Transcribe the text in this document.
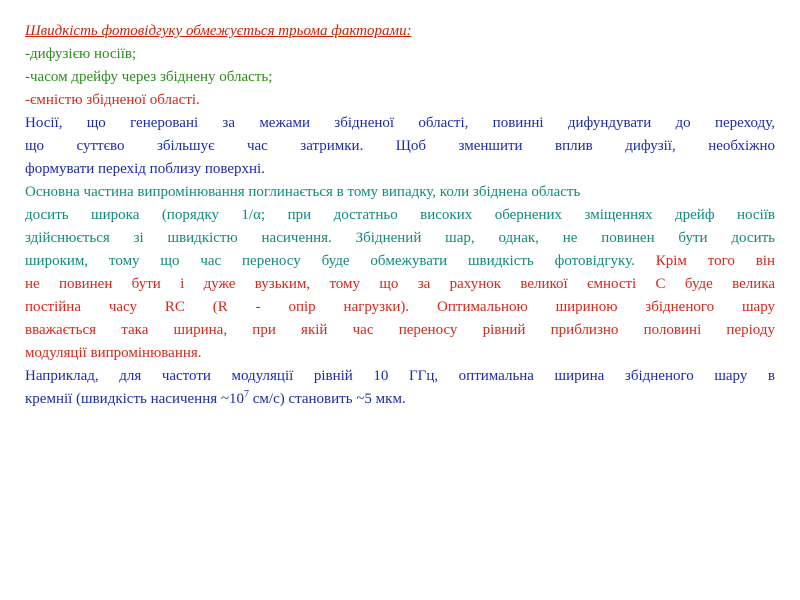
Швидкість фотовідгуку обмежується трьома факторами:

-дифузією носіїв;

-часом дрейфу через збіднену область;

-ємністю збідненої області.

Носії, що генеровані за межами збідненої області, повинні дифундувати до переходу,
що суттєво збільшує час затримки. Щоб зменшити вплив дифузії, необхіжно
формувати перехід поблизу поверхні.
Основна частина випромінювання поглинається в тому випадку, коли збіднена область
досить широка (порядку 1/α; при достатньо високих обернених зміщеннях дрейф носіїв
здійснюється зі швидкістю насичення. Збіднений шар, однак, не повинен бути досить
широким, тому що час переносу буде обмежувати швидкість фотовідгуку. Крім того він
не повинен бути і дуже вузьким, тому що за рахунок великої ємності С буде велика
постійна часу RC (R - опір нагрузки). Оптимальною шириною збідненого шару
вважається така ширина, при якій час переносу рівний приблизно половині періоду
модуляції випромінювання.
Наприклад, для частоти модуляції рівній 10 ГГц, оптимальна ширина збідненого шару в
кремнії (швидкість насичення $\sim 10^7$ см/с) становить ~5 мкм.
